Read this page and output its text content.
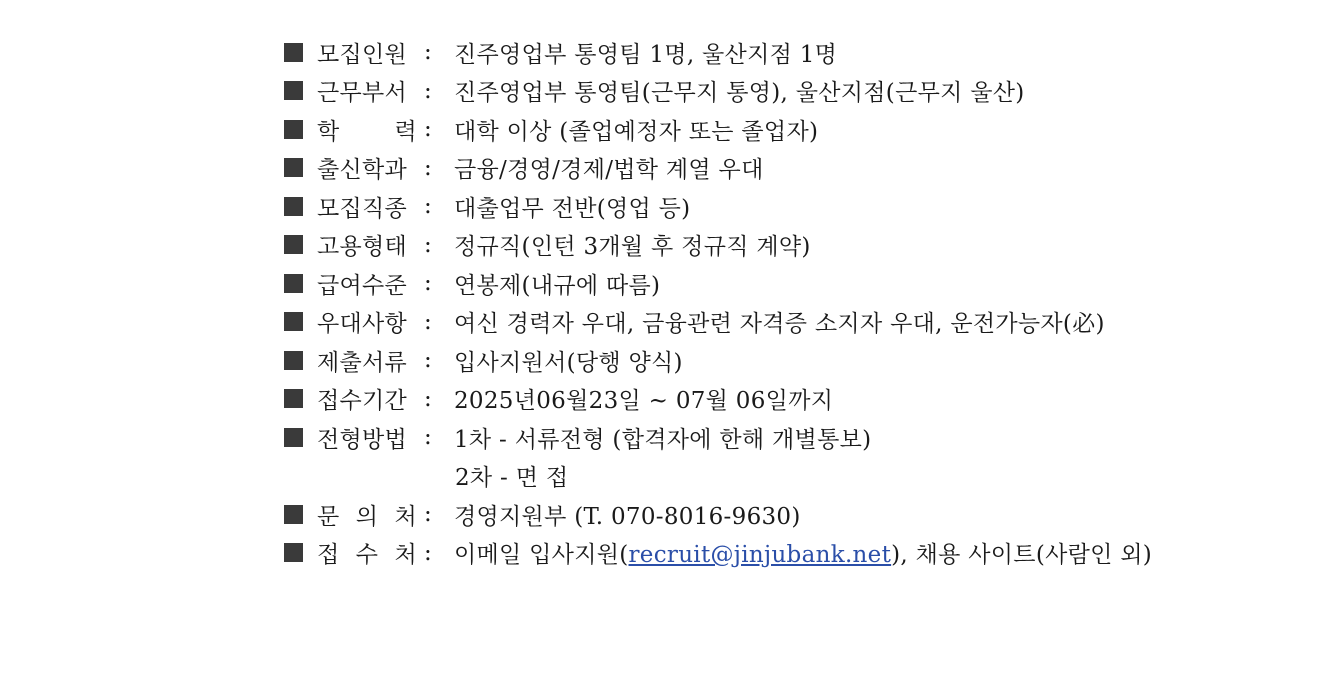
모집인원 : 진주영업부 통영팀 1명, 울산지점 1명
근무부서 : 진주영업부 통영팀(근무지 통영), 울산지점(근무지 울산)
학 력 : 대학 이상 (졸업예정자 또는 졸업자)
출신학과 : 금융/경영/경제/법학 계열 우대
모집직종 : 대출업무 전반(영업 등)
고용형태 : 정규직(인턴 3개월 후 정규직 계약)
급여수준 : 연봉제(내규에 따름)
우대사항 : 여신 경력자 우대, 금융관련 자격증 소지자 우대, 운전가능자(必)
제출서류 : 입사지원서(당행 양식)
접수기간 : 2025년06월23일 ~ 07월 06일까지
전형방법 : 1차 - 서류전형 (합격자에 한해 개별통보)
2차 - 면 접
문 의 처 : 경영지원부 (T. 070-8016-9630)
접 수 처 : 이메일 입사지원(recruit@jinjubank.net), 채용 사이트(사람인 외)
